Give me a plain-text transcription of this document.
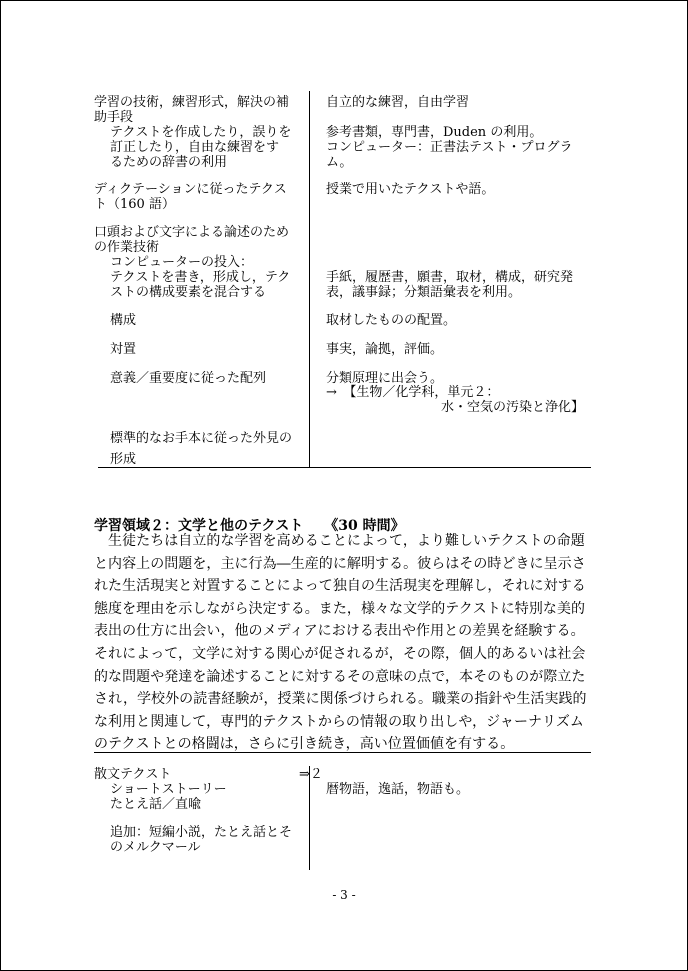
学習の技術，練習形式，解決の補
助手段
テクストを作成したり，誤りを
訂正したり，自由な練習をす
るための辞書の利用
ディクテーションに従ったテクス
ト（160 語）
口頭および文字による論述のため
の作業技術
コンピューターの投入：
テクストを書き，形成し，テク
ストの構成要素を混合する
構成
対置
意義／重要度に従った配列
標準的なお手本に従った外見の
形成
自立的な練習，自由学習
参考書類，専門書，Duden の利用。
コンピューター：正書法テスト・プログラ
ム。
授業で用いたテクストや語。
手紙，履歴書，願書，取材，構成，研究発
表，議事録；分類語彙表を利用。
取材したものの配置。
事実，論拠，評価。
分類原理に出会う。
→　【生物／化学科，単元２：
水・空気の汚染と浄化】
学習領域２：文学と他のテクスト　　《30 時間》
　生徒たちは自立的な学習を高めることによって，より難しいテクストの命題
と内容上の問題を，主に行為―生産的に解明する。彼らはその時どきに呈示さ
れた生活現実と対置することによって独自の生活現実を理解し，それに対する
態度を理由を示しながら決定する。また，様々な文学的テクストに特別な美的
表出の仕方に出会い，他のメディアにおける表出や作用との差異を経験する。
それによって，文学に対する関心が促されるが，その際，個人的あるいは社会
的な問題や発達を論述することに対するその意味の点で，本そのものが際立た
され，学校外の読書経験が，授業に関係づけられる。職業の指針や生活実践的
な利用と関連して，専門的テクストからの情報の取り出しや，ジャーナリズム
のテクストとの格闘は，さらに引き続き，高い位置価値を有する。
散文テクスト	⇒２
ショートストーリー
たとえ話／直喩
追加：短編小説，たとえ話とそ
のメルクマール
暦物語，逸話，物語も。
- 3 -
